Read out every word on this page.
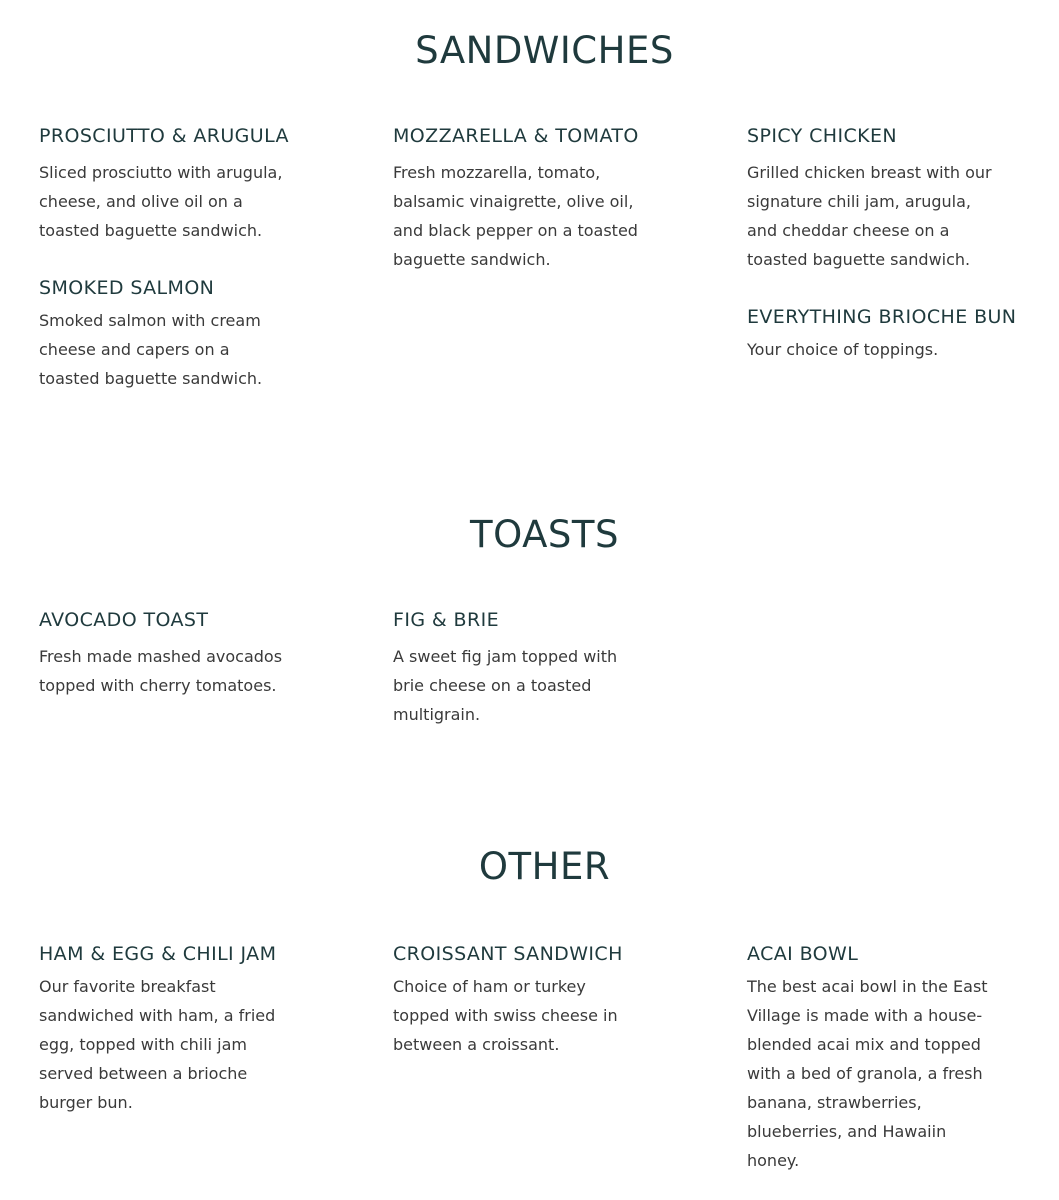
SANDWICHES
PROSCIUTTO & ARUGULA

Sliced prosciutto with arugula, cheese, and olive oil on a toasted baguette sandwich.

MOZZARELLA & TOMATO

Fresh mozzarella, tomato, balsamic vinaigrette, olive oil, and black pepper on a toasted baguette sandwich.

SPICY CHICKEN

Grilled chicken breast with our signature chili jam, arugula, and cheddar cheese on a toasted baguette sandwich.

SMOKED SALMON

Smoked salmon with cream cheese and capers on a toasted baguette sandwich.

EVERYTHING BRIOCHE BUN

Your choice of toppings.

TOASTS
AVOCADO TOAST

Fresh made mashed avocados topped with cherry tomatoes.

FIG & BRIE

A sweet fig jam topped with brie cheese on a toasted multigrain.

OTHER
HAM & EGG & CHILI JAM

Our favorite breakfast sandwiched with ham, a fried egg, topped with chili jam served between a brioche burger bun.

CROISSANT SANDWICH

Choice of ham or turkey topped with swiss cheese in between a croissant.

ACAI BOWL

The best acai bowl in the East Village is made with a house-blended acai mix and topped with a bed of granola, a fresh banana, strawberries, blueberries, and Hawaiin honey.
